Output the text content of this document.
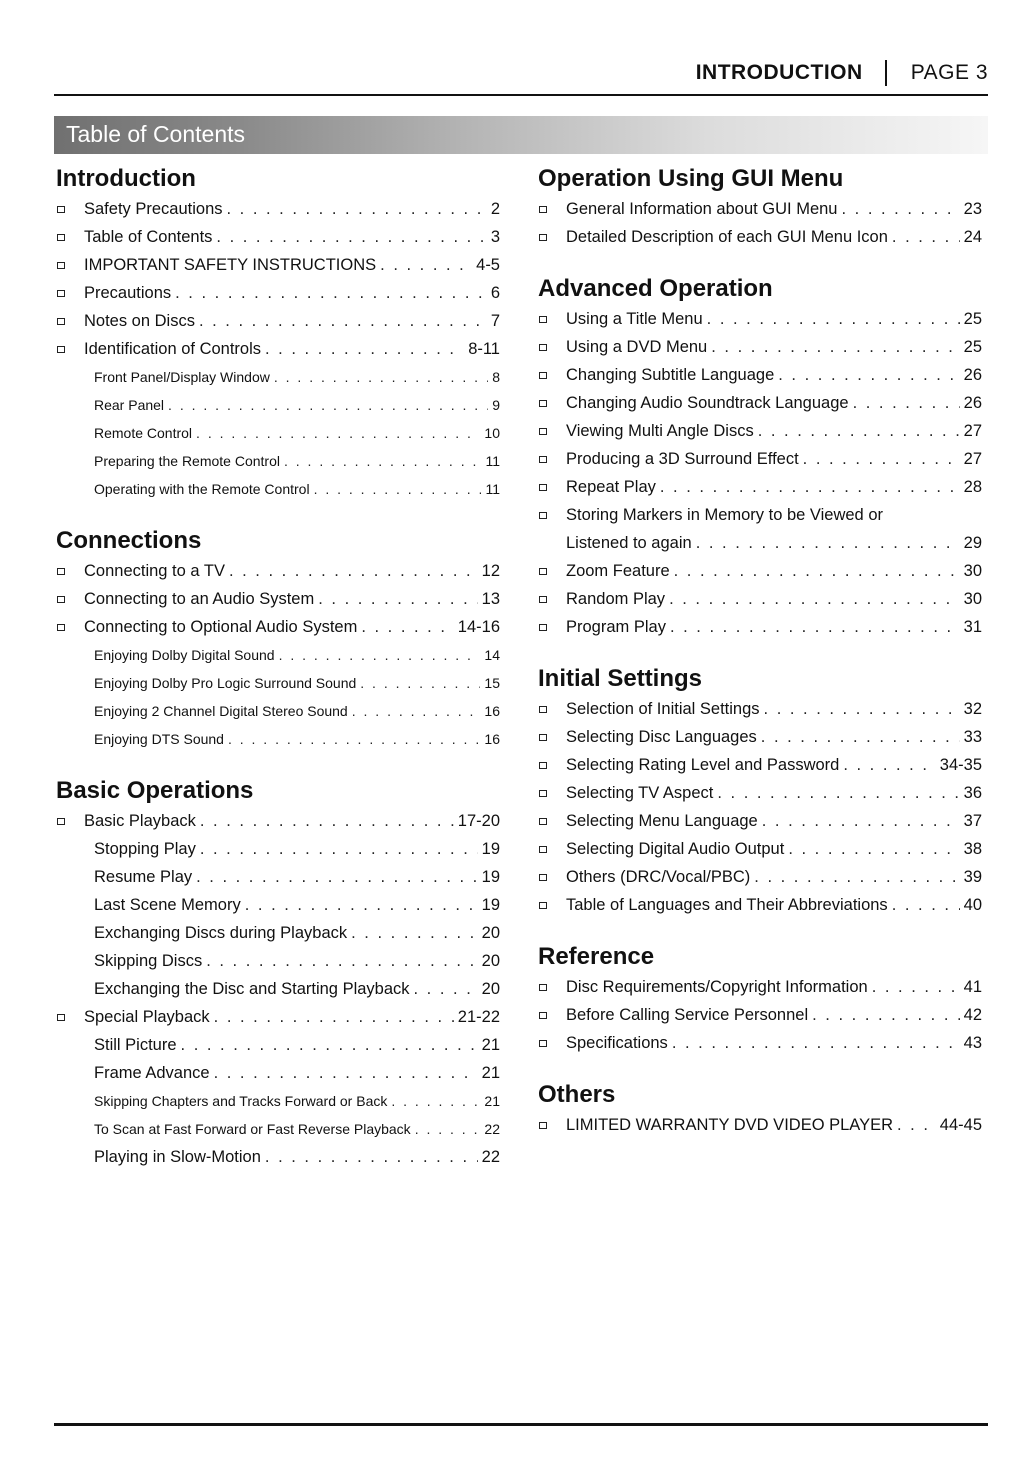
INTRODUCTION PAGE 3
Table of Contents
Introduction
Safety Precautions . . .	2
Table of Contents . . .	3
IMPORTANT SAFETY INSTRUCTIONS . . .	4-5
Precautions . . .	6
Notes on Discs . . .	7
Identification of Controls . . .	8-11
Front Panel/Display Window . . .	8
Rear Panel . . .	9
Remote Control . . .	10
Preparing the Remote Control . . .	11
Operating with the Remote Control . . .	11
Connections
Connecting to a TV . . .	12
Connecting to an Audio System . . .	13
Connecting to Optional Audio System . . .	14-16
Enjoying Dolby Digital Sound . . .	14
Enjoying Dolby Pro Logic Surround Sound . . .	15
Enjoying 2 Channel Digital Stereo Sound . . .	16
Enjoying DTS Sound . . .	16
Basic Operations
Basic Playback . . .	17-20
Stopping Play . . .	19
Resume Play . . .	19
Last Scene Memory . . .	19
Exchanging Discs during Playback . . .	20
Skipping Discs . . .	20
Exchanging the Disc and Starting Playback . . .	20
Special Playback . . .	21-22
Still Picture . . .	21
Frame Advance . . .	21
Skipping Chapters and Tracks Forward or Back . . .	21
To Scan at Fast Forward or Fast Reverse Playback . . .	22
Playing in Slow-Motion . . .	22
Operation Using GUI Menu
General Information about GUI Menu . . .	23
Detailed Description of each GUI Menu Icon . . .	24
Advanced Operation
Using a Title Menu . . .	25
Using a DVD Menu . . .	25
Changing Subtitle Language . . .	26
Changing Audio Soundtrack Language . . .	26
Viewing Multi Angle Discs . . .	27
Producing a 3D Surround Effect . . .	27
Repeat Play . . .	28
Storing Markers in Memory to be Viewed or
Listened to again . . .	29
Zoom Feature . . .	30
Random Play . . .	30
Program Play . . .	31
Initial Settings
Selection of Initial Settings . . .	32
Selecting Disc Languages . . .	33
Selecting Rating Level and Password . . .	34-35
Selecting TV Aspect . . .	36
Selecting Menu Language . . .	37
Selecting Digital Audio Output . . .	38
Others (DRC/Vocal/PBC) . . .	39
Table of Languages and Their Abbreviations . . .	40
Reference
Disc Requirements/Copyright Information . . .	41
Before Calling Service Personnel . . .	42
Specifications . . .	43
Others
LIMITED WARRANTY DVD VIDEO PLAYER . . .	44-45
